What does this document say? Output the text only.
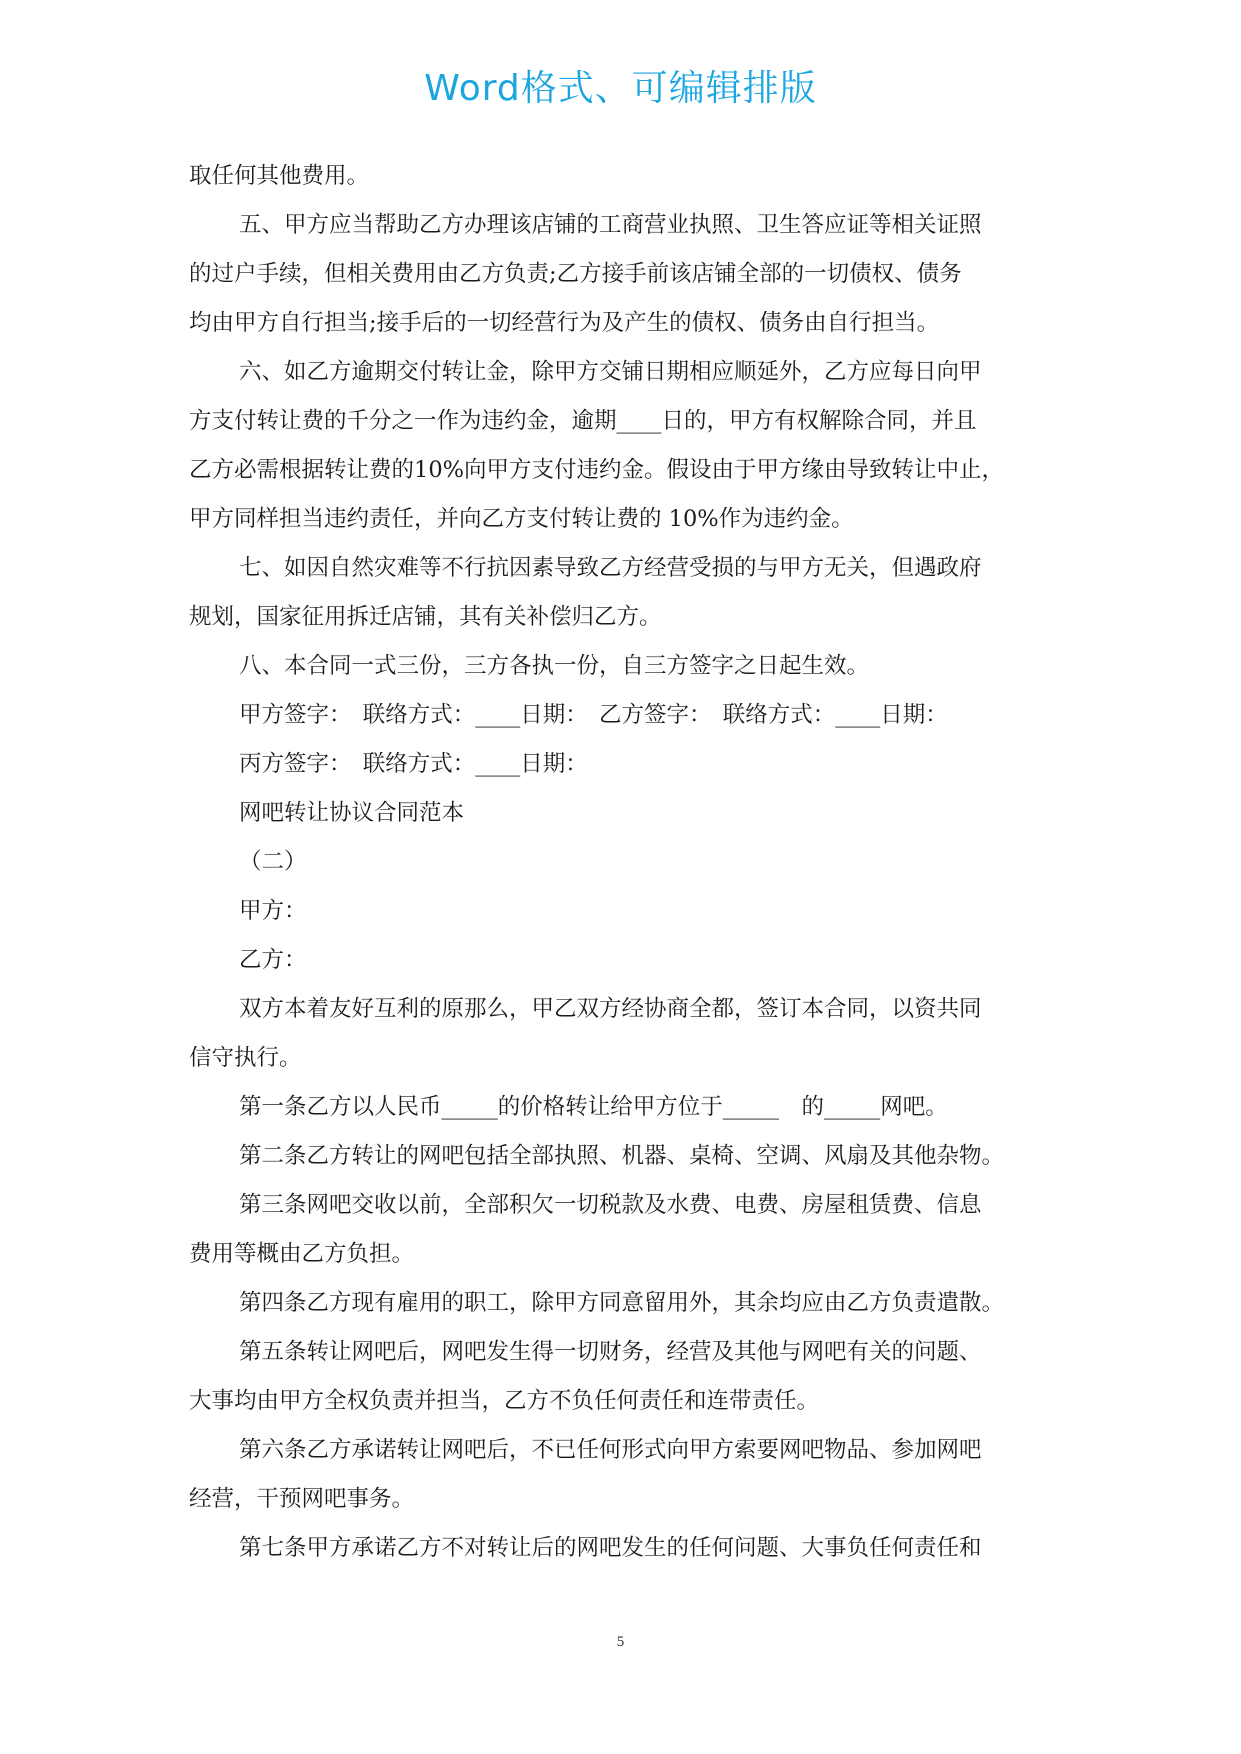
Word格式、可编辑排版
取任何其他费用。
五、甲方应当帮助乙方办理该店铺的工商营业执照、卫生答应证等相关证照
的过户手续，但相关费用由乙方负责;乙方接手前该店铺全部的一切债权、债务
均由甲方自行担当;接手后的一切经营行为及产生的债权、债务由自行担当。
六、如乙方逾期交付转让金，除甲方交铺日期相应顺延外，乙方应每日向甲
方支付转让费的千分之一作为违约金，逾期____日的，甲方有权解除合同，并且
乙方必需根据转让费的10%向甲方支付违约金。假设由于甲方缘由导致转让中止，
甲方同样担当违约责任，并向乙方支付转让费的 10%作为违约金。
七、如因自然灾难等不行抗因素导致乙方经营受损的与甲方无关，但遇政府
规划，国家征用拆迁店铺，其有关补偿归乙方。
八、本合同一式三份，三方各执一份，自三方签字之日起生效。
甲方签字：　联络方式：____日期：　乙方签字：　联络方式：____日期：
丙方签字：　联络方式：____日期：
网吧转让协议合同范本
（二）
甲方：
乙方：
双方本着友好互利的原那么，甲乙双方经协商全都，签订本合同，以资共同
信守执行。
第一条乙方以人民币_____的价格转让给甲方位于_____　的_____网吧。
第二条乙方转让的网吧包括全部执照、机器、桌椅、空调、风扇及其他杂物。
第三条网吧交收以前，全部积欠一切税款及水费、电费、房屋租赁费、信息
费用等概由乙方负担。
第四条乙方现有雇用的职工，除甲方同意留用外，其余均应由乙方负责遣散。
第五条转让网吧后，网吧发生得一切财务，经营及其他与网吧有关的问题、
大事均由甲方全权负责并担当，乙方不负任何责任和连带责任。
第六条乙方承诺转让网吧后，不已任何形式向甲方索要网吧物品、参加网吧
经营，干预网吧事务。
第七条甲方承诺乙方不对转让后的网吧发生的任何问题、大事负任何责任和
5
